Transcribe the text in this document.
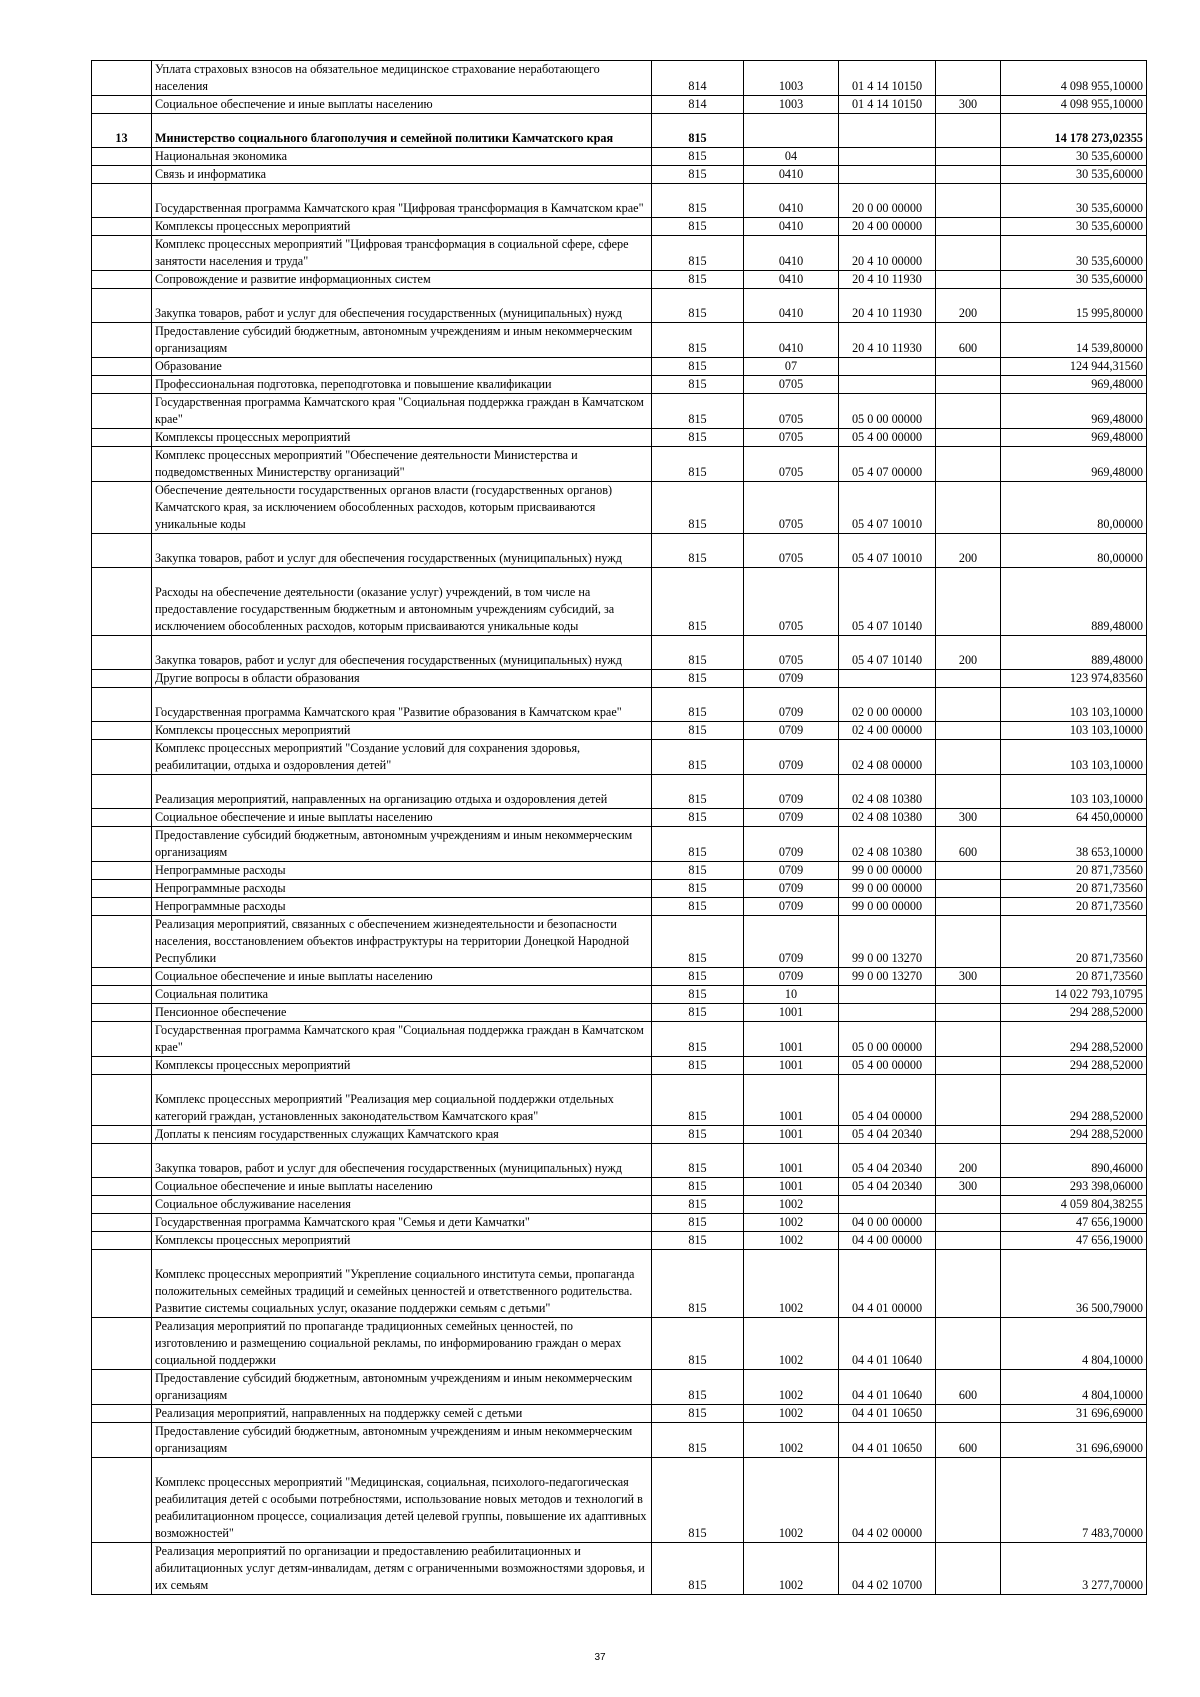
	Уплата страховых взносов на обязательное медицинское страхование неработающего населения	814	1003	01 4 14 10150		4 098 955,10000
	Социальное обеспечение и иные выплаты населению	814	1003	01 4 14 10150	300	4 098 955,10000
13	Министерство социального благополучия и семейной политики Камчатского края	815				14 178 273,02355
	Национальная экономика	815	04			30 535,60000
	Связь и информатика	815	0410			30 535,60000
	Государственная программа Камчатского края "Цифровая трансформация в Камчатском крае"	815	0410	20 0 00 00000		30 535,60000
	Комплексы процессных мероприятий	815	0410	20 4 00 00000		30 535,60000
	Комплекс процессных мероприятий "Цифровая трансформация в социальной сфере, сфере занятости населения и труда"	815	0410	20 4 10 00000		30 535,60000
	Сопровождение и развитие информационных систем	815	0410	20 4 10 11930		30 535,60000
	Закупка товаров, работ и услуг для обеспечения государственных (муниципальных) нужд	815	0410	20 4 10 11930	200	15 995,80000
	Предоставление субсидий бюджетным, автономным учреждениям и иным некоммерческим организациям	815	0410	20 4 10 11930	600	14 539,80000
	Образование	815	07			124 944,31560
	Профессиональная подготовка, переподготовка и повышение квалификации	815	0705			969,48000
	Государственная программа Камчатского края "Социальная поддержка граждан в Камчатском крае"	815	0705	05 0 00 00000		969,48000
	Комплексы процессных мероприятий	815	0705	05 4 00 00000		969,48000
	Комплекс процессных мероприятий "Обеспечение деятельности Министерства и подведомственных Министерству организаций"	815	0705	05 4 07 00000		969,48000
	Обеспечение деятельности государственных органов власти (государственных органов) Камчатского края, за исключением обособленных расходов, которым присваиваются уникальные коды	815	0705	05 4 07 10010		80,00000
	Закупка товаров, работ и услуг для обеспечения государственных (муниципальных) нужд	815	0705	05 4 07 10010	200	80,00000
	Расходы на обеспечение деятельности (оказание услуг) учреждений, в том числе на предоставление государственным бюджетным и автономным учреждениям субсидий, за исключением обособленных расходов, которым присваиваются уникальные коды	815	0705	05 4 07 10140		889,48000
	Закупка товаров, работ и услуг для обеспечения государственных (муниципальных) нужд	815	0705	05 4 07 10140	200	889,48000
	Другие вопросы в области образования	815	0709			123 974,83560
	Государственная программа Камчатского края "Развитие образования в Камчатском крае"	815	0709	02 0 00 00000		103 103,10000
	Комплексы процессных мероприятий	815	0709	02 4 00 00000		103 103,10000
	Комплекс процессных мероприятий "Создание условий для сохранения здоровья, реабилитации, отдыха и оздоровления детей"	815	0709	02 4 08 00000		103 103,10000
	Реализация мероприятий, направленных на организацию отдыха и оздоровления детей	815	0709	02 4 08 10380		103 103,10000
	Социальное обеспечение и иные выплаты населению	815	0709	02 4 08 10380	300	64 450,00000
	Предоставление субсидий бюджетным, автономным учреждениям и иным некоммерческим организациям	815	0709	02 4 08 10380	600	38 653,10000
	Непрограммные расходы	815	0709	99 0 00 00000		20 871,73560
	Непрограммные расходы	815	0709	99 0 00 00000		20 871,73560
	Непрограммные расходы	815	0709	99 0 00 00000		20 871,73560
	Реализация мероприятий, связанных с обеспечением жизнедеятельности и безопасности населения, восстановлением объектов инфраструктуры на территории Донецкой Народной Республики	815	0709	99 0 00 13270		20 871,73560
	Социальное обеспечение и иные выплаты населению	815	0709	99 0 00 13270	300	20 871,73560
	Социальная политика	815	10			14 022 793,10795
	Пенсионное обеспечение	815	1001			294 288,52000
	Государственная программа Камчатского края "Социальная поддержка граждан в Камчатском крае"	815	1001	05 0 00 00000		294 288,52000
	Комплексы процессных мероприятий	815	1001	05 4 00 00000		294 288,52000
	Комплекс процессных мероприятий "Реализация мер социальной поддержки отдельных категорий граждан, установленных законодательством Камчатского края"	815	1001	05 4 04 00000		294 288,52000
	Доплаты к пенсиям государственных служащих Камчатского края	815	1001	05 4 04 20340		294 288,52000
	Закупка товаров, работ и услуг для обеспечения государственных (муниципальных) нужд	815	1001	05 4 04 20340	200	890,46000
	Социальное обеспечение и иные выплаты населению	815	1001	05 4 04 20340	300	293 398,06000
	Социальное обслуживание населения	815	1002			4 059 804,38255
	Государственная программа Камчатского края "Семья и дети Камчатки"	815	1002	04 0 00 00000		47 656,19000
	Комплексы процессных мероприятий	815	1002	04 4 00 00000		47 656,19000
	Комплекс процессных мероприятий "Укрепление социального института семьи, пропаганда положительных семейных традиций и семейных ценностей и ответственного родительства. Развитие системы социальных услуг, оказание поддержки семьям с детьми"	815	1002	04 4 01 00000		36 500,79000
	Реализация мероприятий по пропаганде традиционных семейных ценностей, по изготовлению и размещению социальной рекламы, по информированию граждан о мерах социальной поддержки	815	1002	04 4 01 10640		4 804,10000
	Предоставление субсидий бюджетным, автономным учреждениям и иным некоммерческим организациям	815	1002	04 4 01 10640	600	4 804,10000
	Реализация мероприятий, направленных на поддержку семей с детьми	815	1002	04 4 01 10650		31 696,69000
	Предоставление субсидий бюджетным, автономным учреждениям и иным некоммерческим организациям	815	1002	04 4 01 10650	600	31 696,69000
	Комплекс процессных мероприятий "Медицинская, социальная, психолого-педагогическая реабилитация детей с особыми потребностями, использование новых методов и технологий в реабилитационном процессе, социализация детей целевой группы, повышение их адаптивных возможностей"	815	1002	04 4 02 00000		7 483,70000
	Реализация мероприятий по организации и предоставлению реабилитационных и абилитационных услуг детям-инвалидам, детям с ограниченными возможностями здоровья, и их семьям	815	1002	04 4 02 10700		3 277,70000
37
